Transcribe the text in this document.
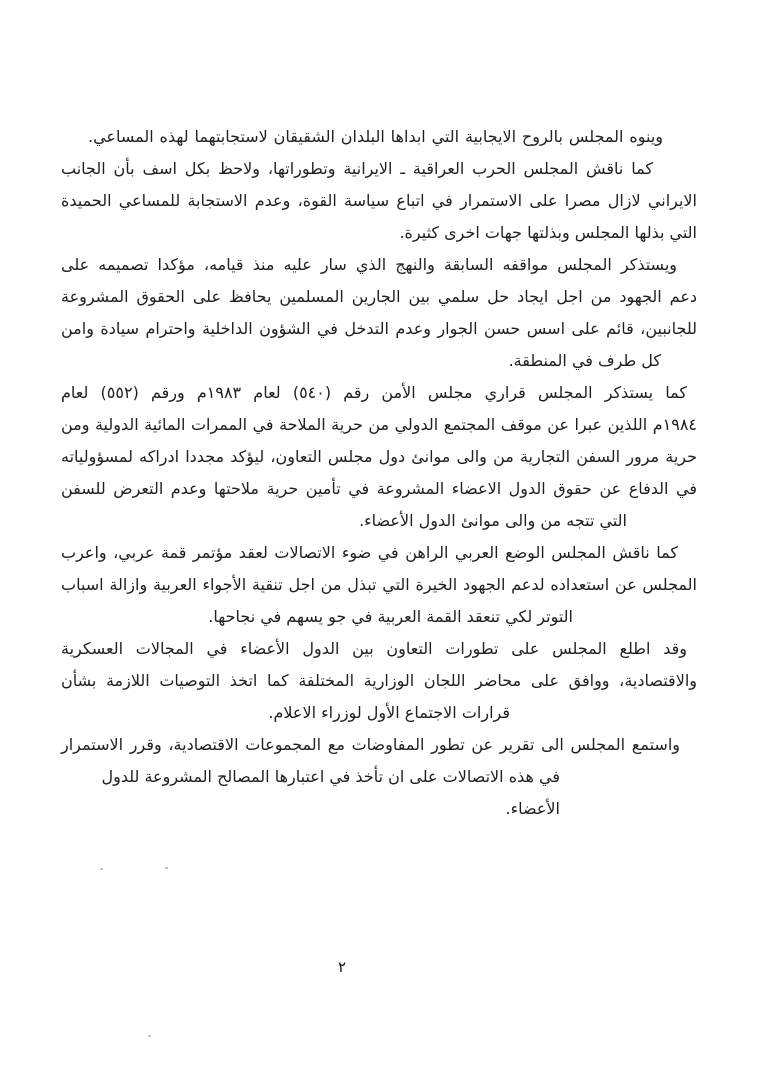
وينوه المجلس بالروح الايجابية التي ابداها البلدان الشقيقان لاستجابتهما لهذه المساعي.
كما ناقش المجلس الحرب العراقية ـ الايرانية وتطوراتها، ولاحظ بكل اسف بأن الجانب
الايراني لازال مصرا على الاستمرار في اتباع سياسة القوة، وعدم الاستجابة للمساعي الحميدة
التي بذلها المجلس وبذلتها جهات اخرى كثيرة.
ويستذكر المجلس مواقفه السابقة والنهج الذي سار عليه منذ قيامه، مؤكدا تصميمه على
دعم الجهود من اجل ايجاد حل سلمي بين الجارين المسلمين يحافظ على الحقوق المشروعة
للجانبين، قائم على اسس حسن الجوار وعدم التدخل في الشؤون الداخلية واحترام سيادة وامن
كل طرف في المنطقة.
كما يستذكر المجلس قراري مجلس الأمن رقم (٥٤٠) لعام ١٩٨٣م ورقم (٥٥٢) لعام
١٩٨٤م اللذين عبرا عن موقف المجتمع الدولي من حرية الملاحة في الممرات المائية الدولية ومن
حرية مرور السفن التجارية من والى موانئ دول مجلس التعاون، ليؤكد مجددا ادراكه لمسؤولياته
في الدفاع عن حقوق الدول الاعضاء المشروعة في تأمين حرية ملاحتها وعدم التعرض للسفن
التي تتجه من والى موانئ الدول الأعضاء.
كما ناقش المجلس الوضع العربي الراهن في ضوء الاتصالات لعقد مؤتمر قمة عربي، واعرب
المجلس عن استعداده لدعم الجهود الخيرة التي تبذل من اجل تنقية الأجواء العربية وازالة اسباب
التوتر لكي تنعقد القمة العربية في جو يسهم في نجاحها.
وقد اطلع المجلس على تطورات التعاون بين الدول الأعضاء في المجالات العسكرية
والاقتصادية، ووافق على محاضر اللجان الوزارية المختلفة كما اتخذ التوصيات اللازمة بشأن
قرارات الاجتماع الأول لوزراء الاعلام.
واستمع المجلس الى تقرير عن تطور المفاوضات مع المجموعات الاقتصادية، وقرر الاستمرار
في هذه الاتصالات على ان تأخذ في اعتبارها المصالح المشروعة للدول الأعضاء.
٢
